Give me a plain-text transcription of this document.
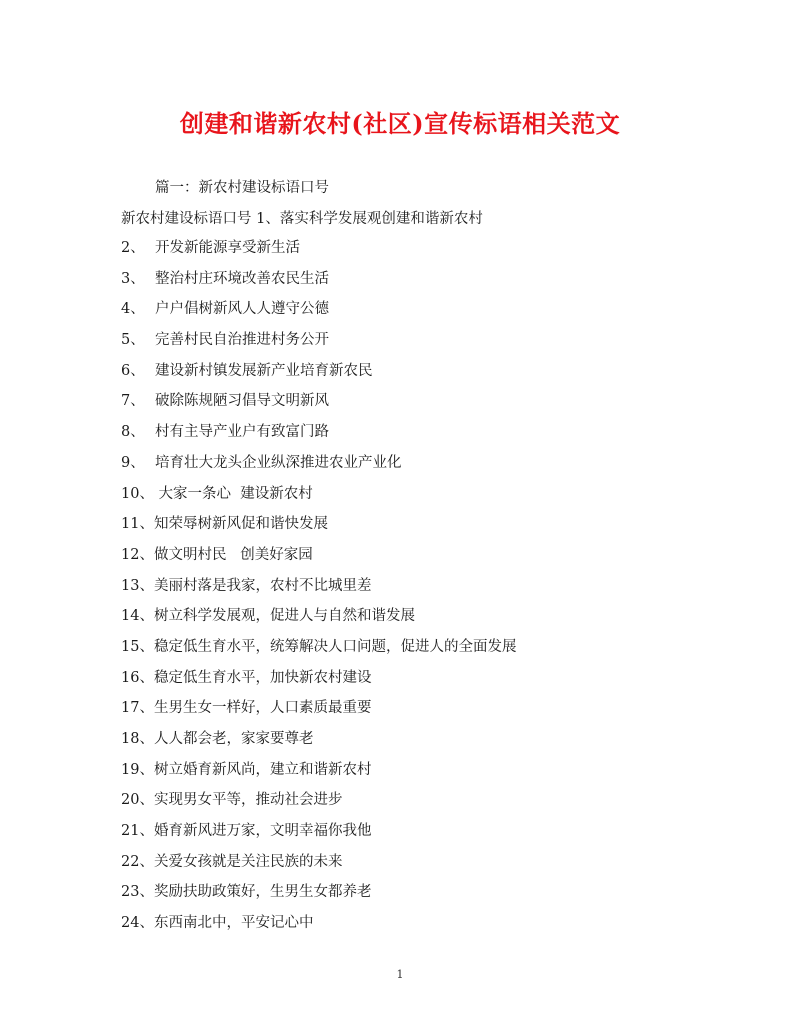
创建和谐新农村(社区)宣传标语相关范文
篇一：新农村建设标语口号
新农村建设标语口号 1、落实科学发展观创建和谐新农村
2、 开发新能源享受新生活
3、 整治村庄环境改善农民生活
4、 户户倡树新风人人遵守公德
5、 完善村民自治推进村务公开
6、 建设新村镇发展新产业培育新农民
7、 破除陈规陋习倡导文明新风
8、 村有主导产业户有致富门路
9、 培育壮大龙头企业纵深推进农业产业化
10、 大家一条心  建设新农村
11、知荣辱树新风促和谐快发展
12、做文明村民   创美好家园
13、美丽村落是我家，农村不比城里差
14、树立科学发展观，促进人与自然和谐发展
15、稳定低生育水平，统筹解决人口问题，促进人的全面发展
16、稳定低生育水平，加快新农村建设
17、生男生女一样好，人口素质最重要
18、人人都会老，家家要尊老
19、树立婚育新风尚，建立和谐新农村
20、实现男女平等，推动社会进步
21、婚育新风进万家，文明幸福你我他
22、关爱女孩就是关注民族的未来
23、奖励扶助政策好，生男生女都养老
24、东西南北中，平安记心中
1
